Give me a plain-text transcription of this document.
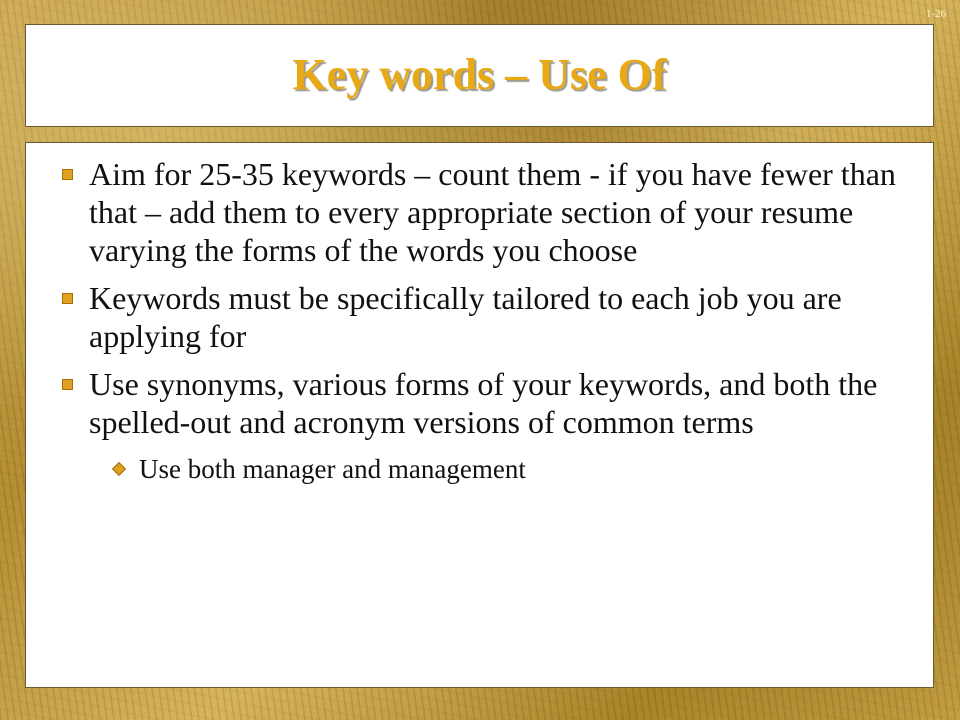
1-26
Key words – Use Of
Aim for 25-35 keywords – count them - if you have fewer than that – add them to every appropriate section of your resume varying the forms of the words you choose
Keywords must be specifically tailored to each job you are applying for
Use synonyms, various forms of your keywords, and both the spelled-out and acronym versions of common terms
Use both manager and management
